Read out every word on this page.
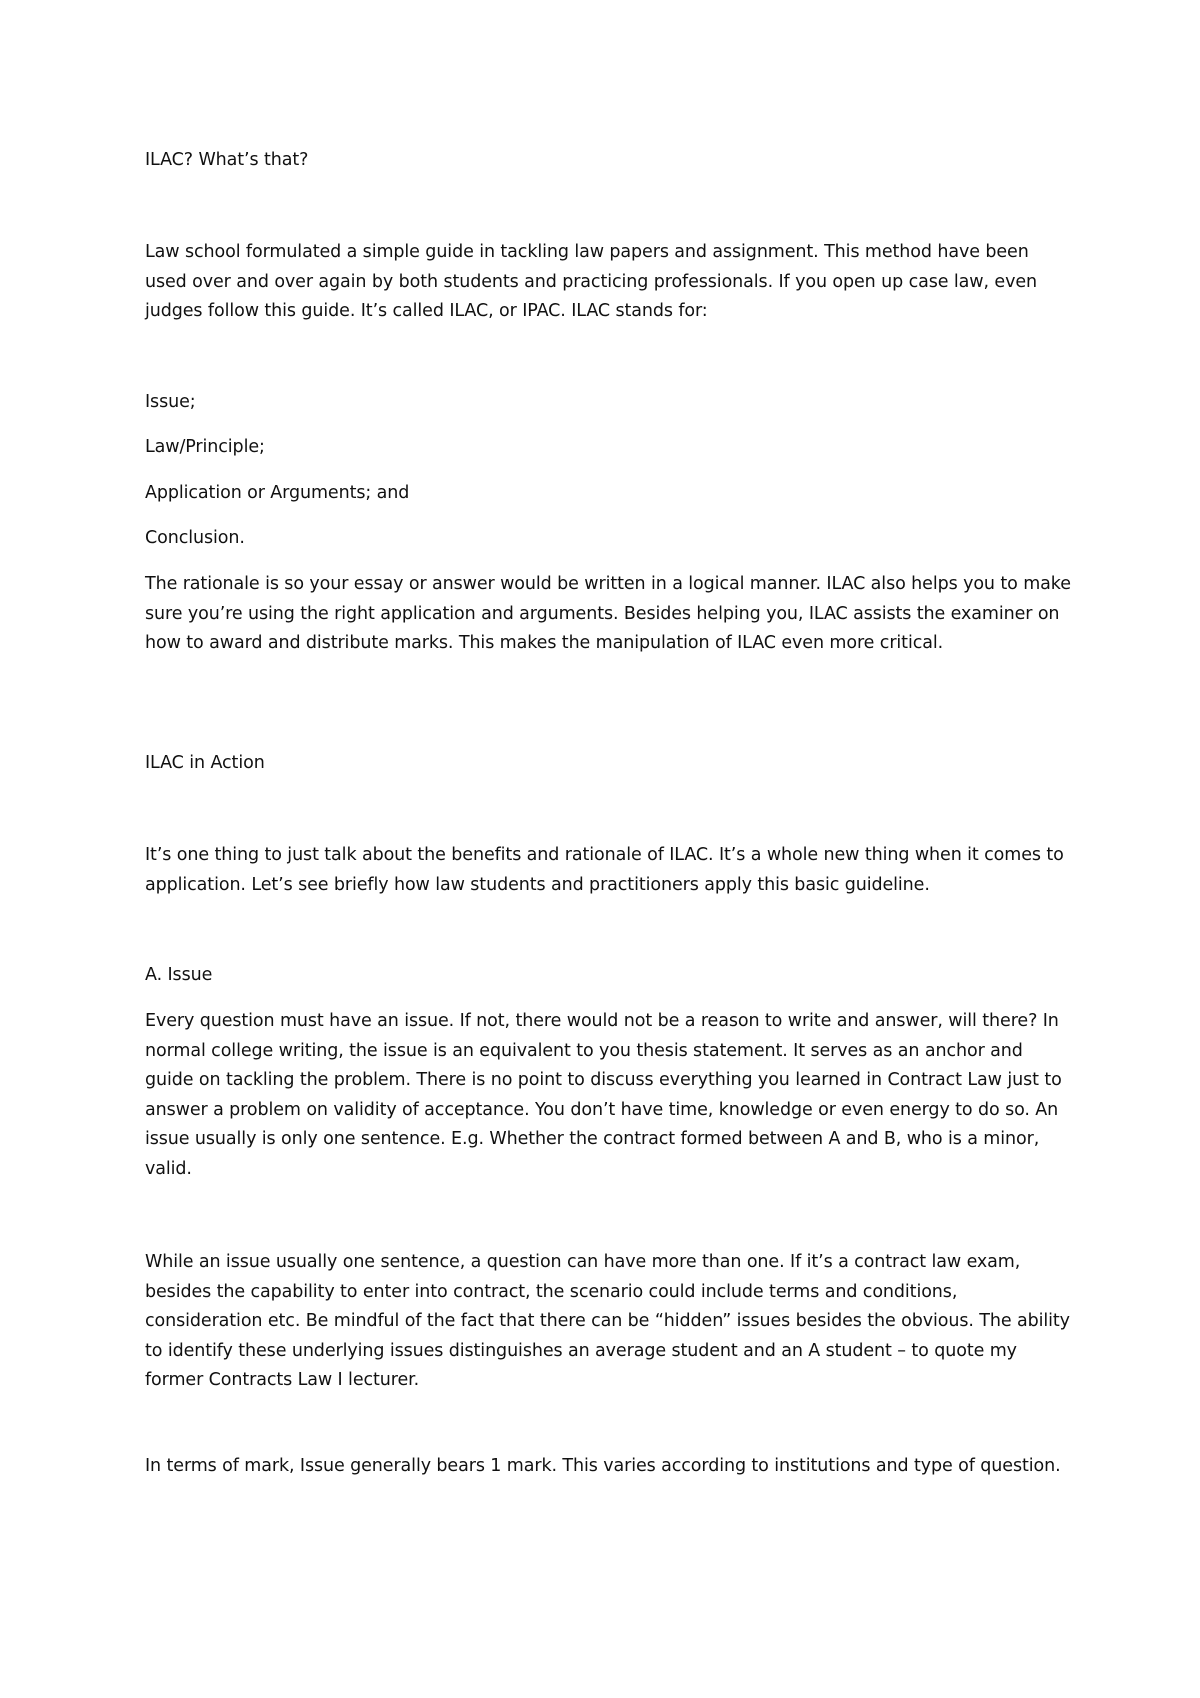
ILAC? What’s that?

Law school formulated a simple guide in tackling law papers and assignment. This method have been used over and over again by both students and practicing professionals. If you open up case law, even judges follow this guide. It’s called ILAC, or IPAC. ILAC stands for:

Issue;

Law/Principle;

Application or Arguments; and

Conclusion.

The rationale is so your essay or answer would be written in a logical manner. ILAC also helps you to make sure you’re using the right application and arguments. Besides helping you, ILAC assists the examiner on how to award and distribute marks. This makes the manipulation of ILAC even more critical.

ILAC in Action

It’s one thing to just talk about the benefits and rationale of ILAC. It’s a whole new thing when it comes to application. Let’s see briefly how law students and practitioners apply this basic guideline.

A. Issue

Every question must have an issue. If not, there would not be a reason to write and answer, will there? In normal college writing, the issue is an equivalent to you thesis statement. It serves as an anchor and guide on tackling the problem. There is no point to discuss everything you learned in Contract Law just to answer a problem on validity of acceptance. You don’t have time, knowledge or even energy to do so. An issue usually is only one sentence. E.g. Whether the contract formed between A and B, who is a minor, valid.

While an issue usually one sentence, a question can have more than one. If it’s a contract law exam, besides the capability to enter into contract, the scenario could include terms and conditions, consideration etc. Be mindful of the fact that there can be “hidden” issues besides the obvious. The ability to identify these underlying issues distinguishes an average student and an A student – to quote my former Contracts Law I lecturer.

In terms of mark, Issue generally bears 1 mark. This varies according to institutions and type of question.
